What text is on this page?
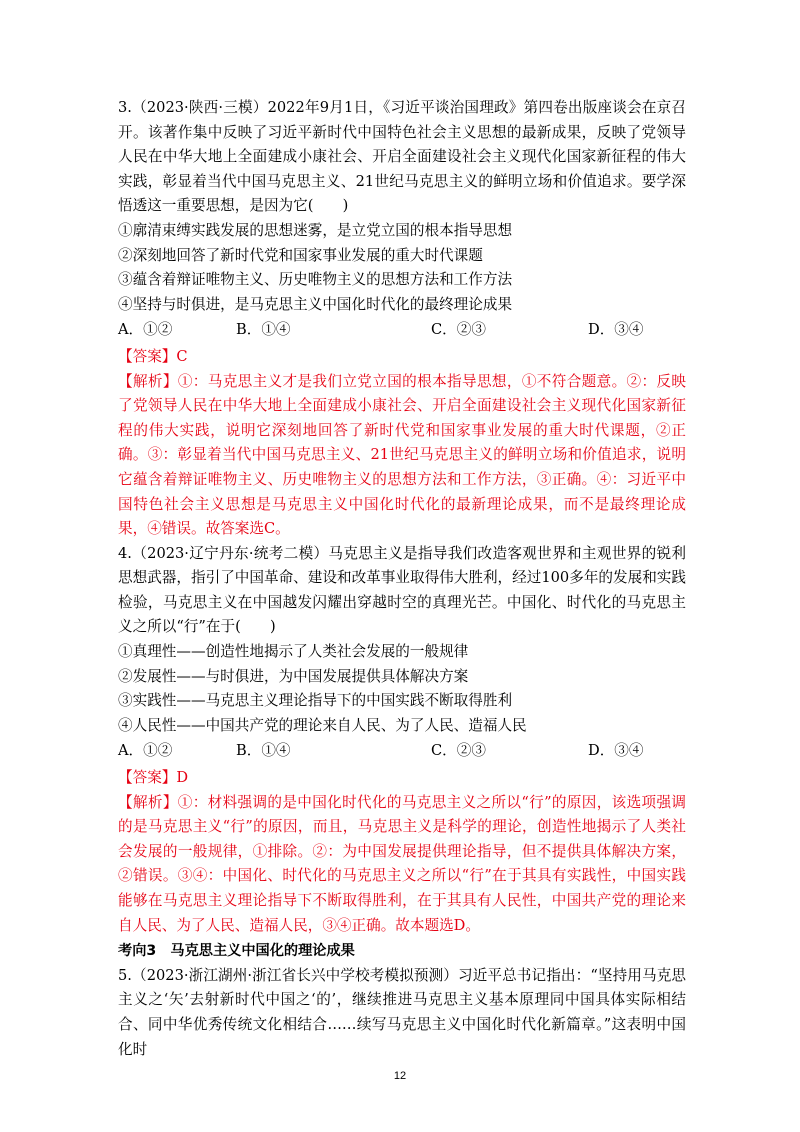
3.（2023·陕西·三模）2022年9月1日，《习近平谈治国理政》第四卷出版座谈会在京召开。该著作集中反映了习近平新时代中国特色社会主义思想的最新成果，反映了党领导人民在中华大地上全面建成小康社会、开启全面建设社会主义现代化国家新征程的伟大实践，彰显着当代中国马克思主义、21世纪马克思主义的鲜明立场和价值追求。要学深悟透这一重要思想，是因为它(　　)

①廓清束缚实践发展的思想迷雾，是立党立国的根本指导思想

②深刻地回答了新时代党和国家事业发展的重大时代课题

③蕴含着辩证唯物主义、历史唯物主义的思想方法和工作方法

④坚持与时俱进，是马克思主义中国化时代化的最终理论成果

A．①②	B．①④	C．②③	D．③④

【答案】C

【解析】①：马克思主义才是我们立党立国的根本指导思想，①不符合题意。②：反映了党领导人民在中华大地上全面建成小康社会、开启全面建设社会主义现代化国家新征程的伟大实践，说明它深刻地回答了新时代党和国家事业发展的重大时代课题，②正确。③：彰显着当代中国马克思主义、21世纪马克思主义的鲜明立场和价值追求，说明它蕴含着辩证唯物主义、历史唯物主义的思想方法和工作方法，③正确。④：习近平中国特色社会主义思想是马克思主义中国化时代化的最新理论成果，而不是最终理论成果，④错误。故答案选C。

4.（2023·辽宁丹东·统考二模）马克思主义是指导我们改造客观世界和主观世界的锐利思想武器，指引了中国革命、建设和改革事业取得伟大胜利，经过100多年的发展和实践检验，马克思主义在中国越发闪耀出穿越时空的真理光芒。中国化、时代化的马克思主义之所以“行”在于(　　)

①真理性——创造性地揭示了人类社会发展的一般规律

②发展性——与时俱进，为中国发展提供具体解决方案

③实践性——马克思主义理论指导下的中国实践不断取得胜利

④人民性——中国共产党的理论来自人民、为了人民、造福人民

A．①②	B．①④	C．②③	D．③④

【答案】D

【解析】①：材料强调的是中国化时代化的马克思主义之所以“行”的原因，该选项强调的是马克思主义“行”的原因，而且，马克思主义是科学的理论，创造性地揭示了人类社会发展的一般规律，①排除。②：为中国发展提供理论指导，但不提供具体解决方案，②错误。③④：中国化、时代化的马克思主义之所以“行”在于其具有实践性，中国实践能够在马克思主义理论指导下不断取得胜利，在于其具有人民性，中国共产党的理论来自人民、为了人民、造福人民，③④正确。故本题选D。

考向3　马克思主义中国化的理论成果

5.（2023·浙江湖州·浙江省长兴中学校考模拟预测）习近平总书记指出：“坚持用马克思主义之‘矢’去射新时代中国之‘的’，继续推进马克思主义基本原理同中国具体实际相结合、同中华优秀传统文化相结合……续写马克思主义中国化时代化新篇章。”这表明中国化时

12
